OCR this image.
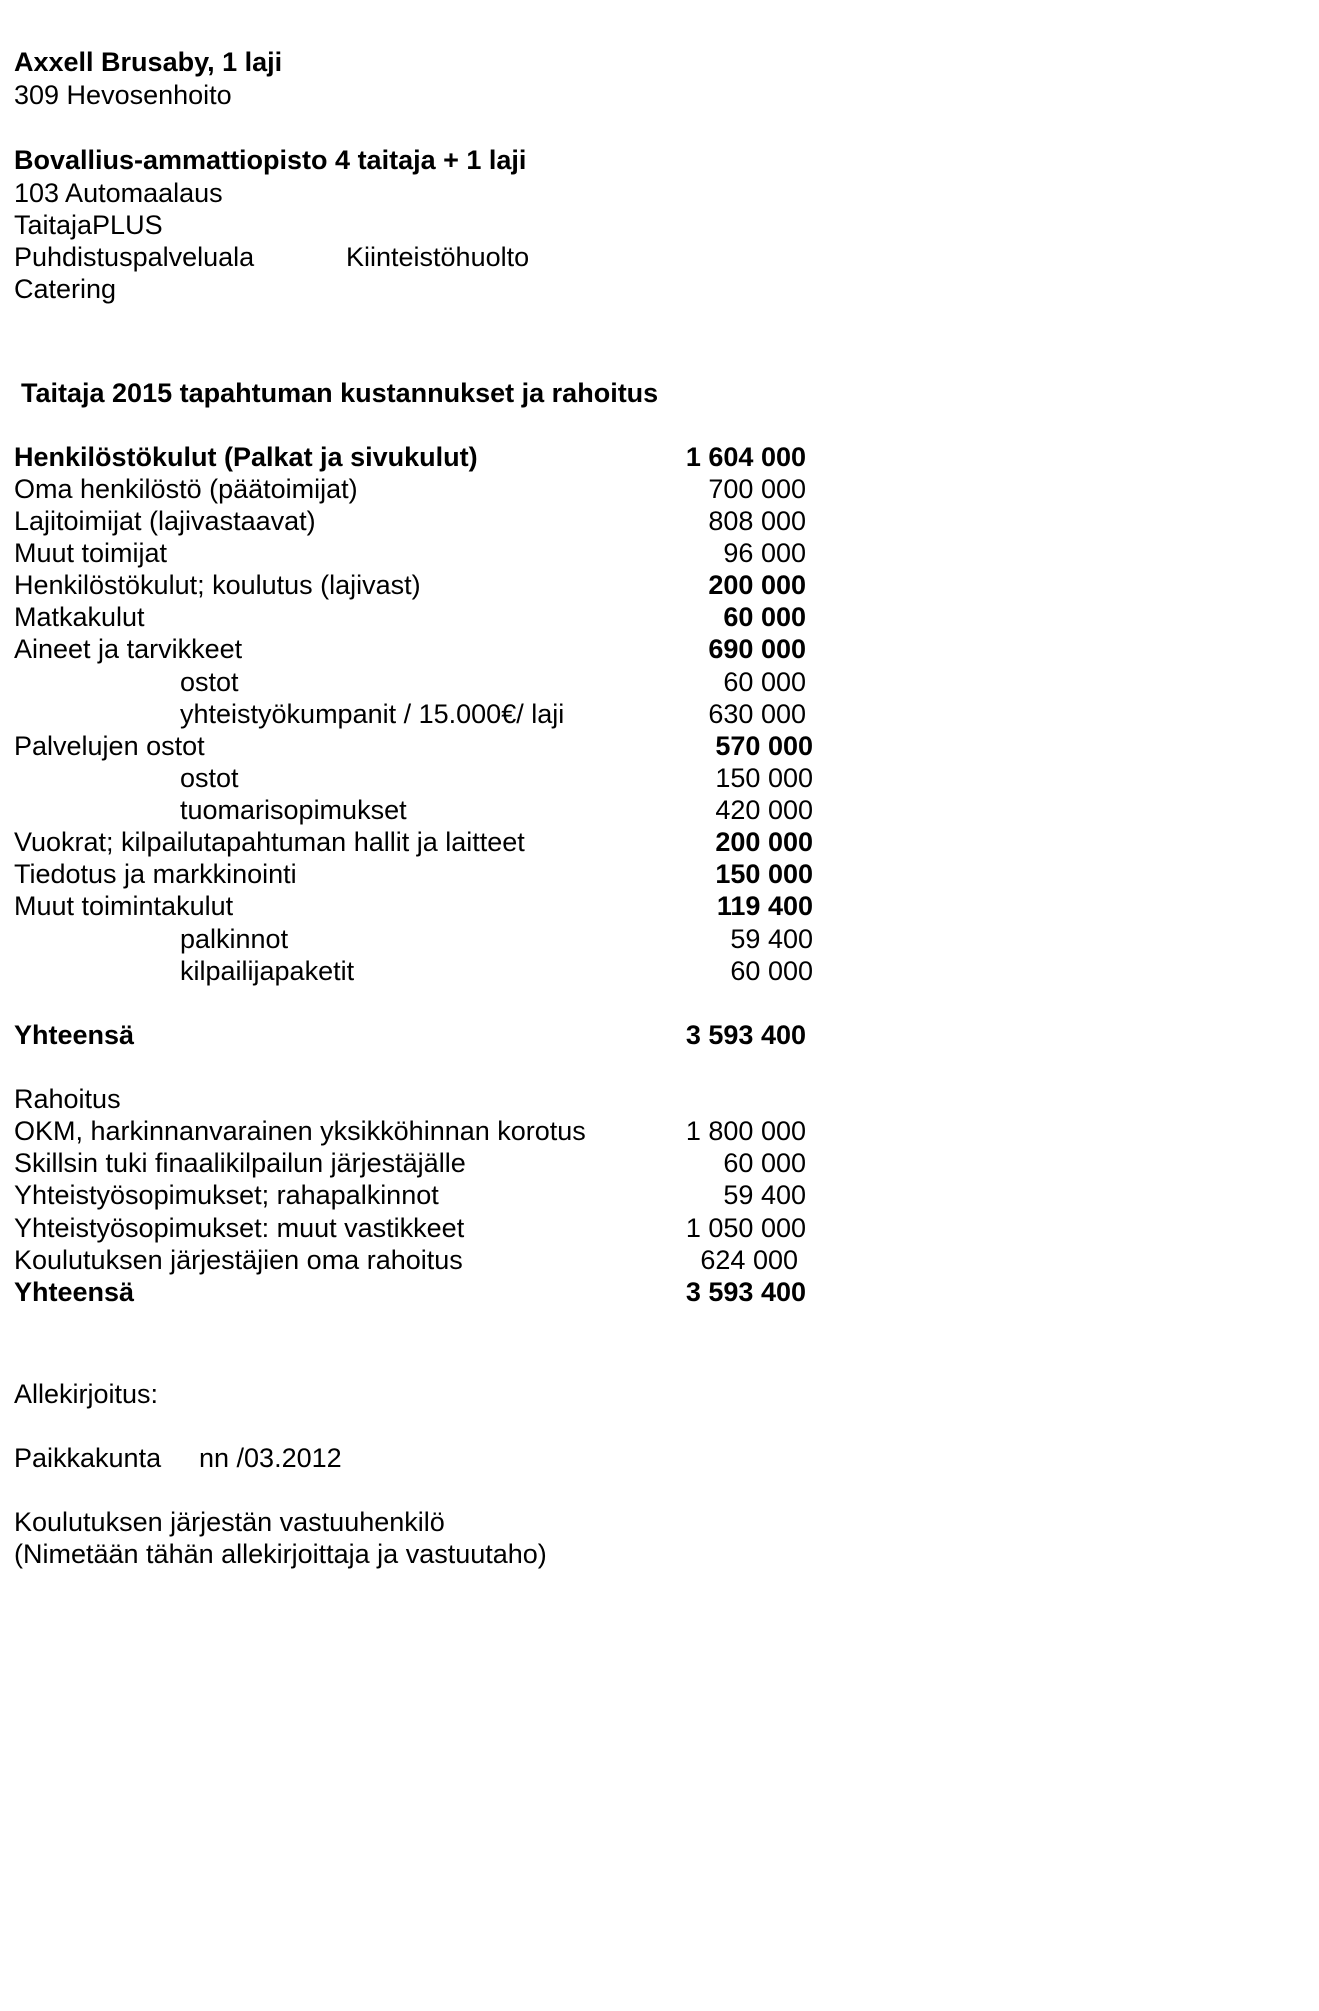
Axxell Brusaby, 1 laji
309 Hevosenhoito
Bovallius-ammattiopisto 4 taitaja + 1 laji
103 Automaalaus
TaitajaPLUS
Puhdistuspalveluala	Kiinteistöhuolto
Catering
Taitaja 2015 tapahtuman kustannukset ja rahoitus
Henkilöstökulut (Palkat ja sivukulut)	1 604 000
Oma henkilöstö (päätoimijat)	700 000
Lajitoimijat (lajivastaavat)	808 000
Muut toimijat	96 000
Henkilöstökulut; koulutus (lajivast)	200 000
Matkakulut	60 000
Aineet ja tarvikkeet	690 000
ostot	60 000
yhteistyökumpanit / 15.000€/ laji	630 000
Palvelujen ostot	570 000
ostot	150 000
tuomarisopimukset	420 000
Vuokrat; kilpailutapahtuman hallit ja laitteet	200 000
Tiedotus ja markkinointi	150 000
Muut toimintakulut	119 400
palkinnot	59 400
kilpailijapaketit	60 000
Yhteensä	3 593 400
Rahoitus
OKM, harkinnanvarainen yksikköhinnan korotus	1 800 000
Skillsin tuki finaalikilpailun järjestäjälle	60 000
Yhteistyösopimukset; rahapalkinnot	59 400
Yhteistyösopimukset: muut vastikkeet	1 050 000
Koulutuksen järjestäjien oma rahoitus	624 000
Yhteensä	3 593 400
Allekirjoitus:
Paikkakunta nn /03.2012
Koulutuksen järjestän vastuuhenkilö
(Nimetään tähän allekirjoittaja ja vastuutaho)
